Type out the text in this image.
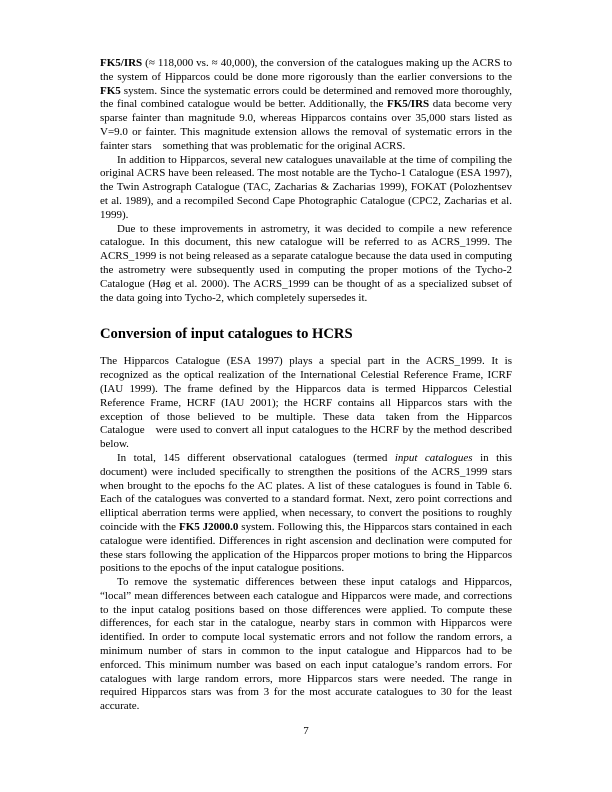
FK5/IRS (≈ 118,000 vs. ≈ 40,000), the conversion of the catalogues making up the ACRS to the system of Hipparcos could be done more rigorously than the earlier conversions to the FK5 system. Since the systematic errors could be determined and removed more thoroughly, the final combined catalogue would be better. Additionally, the FK5/IRS data become very sparse fainter than magnitude 9.0, whereas Hipparcos contains over 35,000 stars listed as V=9.0 or fainter. This magnitude extension allows the removal of systematic errors in the fainter stars  something that was problematic for the original ACRS.

In addition to Hipparcos, several new catalogues unavailable at the time of compiling the original ACRS have been released. The most notable are the Tycho-1 Catalogue (ESA 1997), the Twin Astrograph Catalogue (TAC, Zacharias & Zacharias 1999), FOKAT (Polozhentsev et al. 1989), and a recompiled Second Cape Photographic Catalogue (CPC2, Zacharias et al. 1999).

Due to these improvements in astrometry, it was decided to compile a new reference catalogue. In this document, this new catalogue will be referred to as ACRS_1999. The ACRS_1999 is not being released as a separate catalogue because the data used in computing the astrometry were subsequently used in computing the proper motions of the Tycho-2 Catalogue (Høg et al. 2000). The ACRS_1999 can be thought of as a specialized subset of the data going into Tycho-2, which completely supersedes it.

Conversion of input catalogues to HCRS

The Hipparcos Catalogue (ESA 1997) plays a special part in the ACRS_1999. It is recognized as the optical realization of the International Celestial Reference Frame, ICRF (IAU 1999). The frame defined by the Hipparcos data is termed Hipparcos Celestial Reference Frame, HCRF (IAU 2001); the HCRF contains all Hipparcos stars with the exception of those believed to be multiple. These data  taken from the Hipparcos Catalogue  were used to convert all input catalogues to the HCRF by the method described below.

In total, 145 different observational catalogues (termed input catalogues in this document) were included specifically to strengthen the positions of the ACRS_1999 stars when brought to the epochs fo the AC plates. A list of these catalogues is found in Table 6. Each of the catalogues was converted to a standard format. Next, zero point corrections and elliptical aberration terms were applied, when necessary, to convert the positions to roughly coincide with the FK5 J2000.0 system. Following this, the Hipparcos stars contained in each catalogue were identified. Differences in right ascension and declination were computed for these stars following the application of the Hipparcos proper motions to bring the Hipparcos positions to the epochs of the input catalogue positions.

To remove the systematic differences between these input catalogs and Hipparcos, “local” mean differences between each catalogue and Hipparcos were made, and corrections to the input catalog positions based on those differences were applied. To compute these differences, for each star in the catalogue, nearby stars in common with Hipparcos were identified. In order to compute local systematic errors and not follow the random errors, a minimum number of stars in common to the input catalogue and Hipparcos had to be enforced. This minimum number was based on each input catalogue’s random errors. For catalogues with large random errors, more Hipparcos stars were needed. The range in required Hipparcos stars was from 3 for the most accurate catalogues to 30 for the least accurate.

7
